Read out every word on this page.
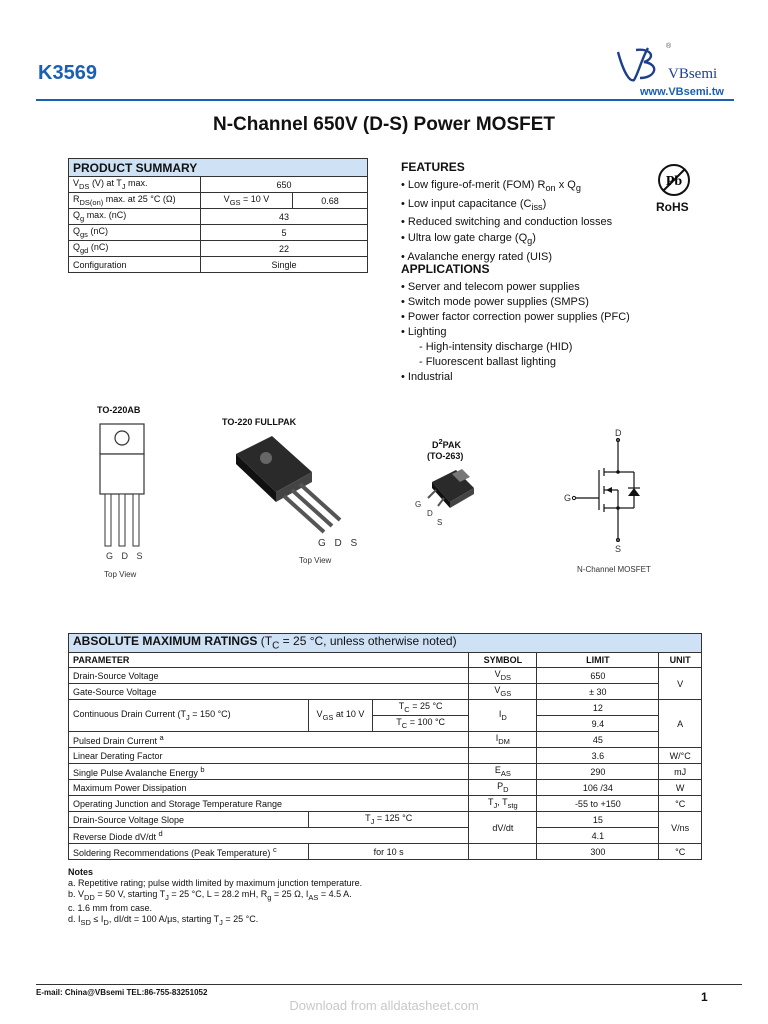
K3569
®
VBsemi
www.VBsemi.tw
N-Channel 650V (D-S) Power MOSFET
PRODUCT SUMMARY		
$V_{DS}$ (V) at $T_J$ max.	650	
$R_{DS(on)}$ max. at 25 °C (Ω)	$V_{GS} = 10$ V	0.68
$Q_g$ max. (nC)	43	
$Q_{gs}$ (nC)	5	
$Q_{gd}$ (nC)	22	
Configuration	Single	
FEATURES
• Low figure-of-merit (FOM) $R_{on}$ x $Q_g$
• Low input capacitance $(C_{iss})$
• Reduced switching and conduction losses
• Ultra low gate charge $(Q_g)$
• Avalanche energy rated (UIS)
Pb
RoHS
APPLICATIONS
• Server and telecom power supplies
• Switch mode power supplies (SMPS)
• Power factor correction power supplies (PFC)
• Lighting
- High-intensity discharge (HID)
- Fluorescent ballast lighting
• Industrial
TO-220AB
G D S
Top View
TO-220 FULLPAK
G D S
Top View
$D^2PAK$
(TO-263)
G
D
S
D
G
S
N-Channel MOSFET
ABSOLUTE MAXIMUM RATINGS ($T_C = 25$ °C, unless otherwise noted)					
PARAMETER			SYMBOL	LIMIT	UNIT
Drain-Source Voltage			$V_{DS}$	650	V
Gate-Source Voltage			$V_{GS}$	± 30	
Continuous Drain Current ($T_J = 150$ °C)	$V_{GS}$ at 10 V	$T_C = 25$ °C	$I_D$	12	A
		$T_C = 100$ °C		9.4	
Pulsed Drain Current $^a$			$I_{DM}$	45	
Linear Derating Factor				3.6	W/°C
Single Pulse Avalanche Energy $^b$			$E_{AS}$	290	mJ
Maximum Power Dissipation			$P_D$	106 /34	W
Operating Junction and Storage Temperature Range			$T_J$, $T_{stg}$	-55 to +150	°C
Drain-Source Voltage Slope	$T_J = 125$ °C		dV/dt	15	V/ns
Reverse Diode dV/dt $^d$				4.1	
Soldering Recommendations (Peak Temperature) $^c$	for 10 s			300	°C
Notes
a. Repetitive rating; pulse width limited by maximum junction temperature.
b. $V_{DD} = 50$ V, starting $T_J = 25$ °C, L = 28.2 mH, $R_g = 25$ Ω, $I_{AS} = 4.5$ A.
c. 1.6 mm from case.
d. $I_{SD} \le I_D$, dI/dt = 100 A/μs, starting $T_J = 25$ °C.
E-mail: China@VBsemi TEL:86-755-83251052	1
Download from alldatasheet.com
